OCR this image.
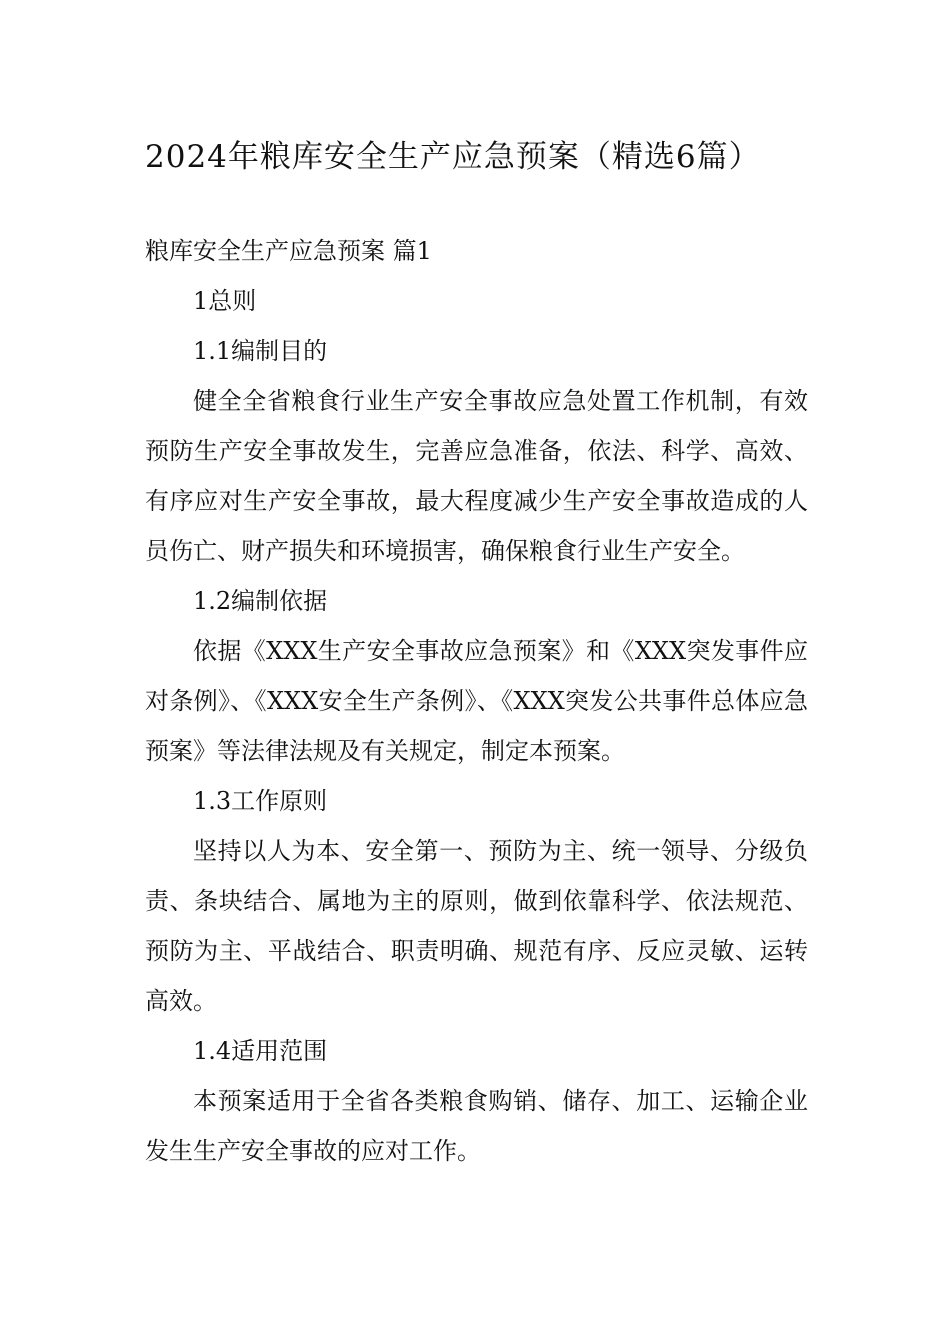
2024年粮库安全生产应急预案（精选6篇）

粮库安全生产应急预案 篇1

1总则

1.1编制目的

健全全省粮食行业生产安全事故应急处置工作机制，有效预防生产安全事故发生，完善应急准备，依法、科学、高效、有序应对生产安全事故，最大程度减少生产安全事故造成的人员伤亡、财产损失和环境损害，确保粮食行业生产安全。

1.2编制依据

依据《XXX生产安全事故应急预案》和《XXX突发事件应对条例》、《XXX安全生产条例》、《XXX突发公共事件总体应急预案》等法律法规及有关规定，制定本预案。

1.3工作原则

坚持以人为本、安全第一、预防为主、统一领导、分级负责、条块结合、属地为主的原则，做到依靠科学、依法规范、预防为主、平战结合、职责明确、规范有序、反应灵敏、运转高效。

1.4适用范围

本预案适用于全省各类粮食购销、储存、加工、运输企业发生生产安全事故的应对工作。
